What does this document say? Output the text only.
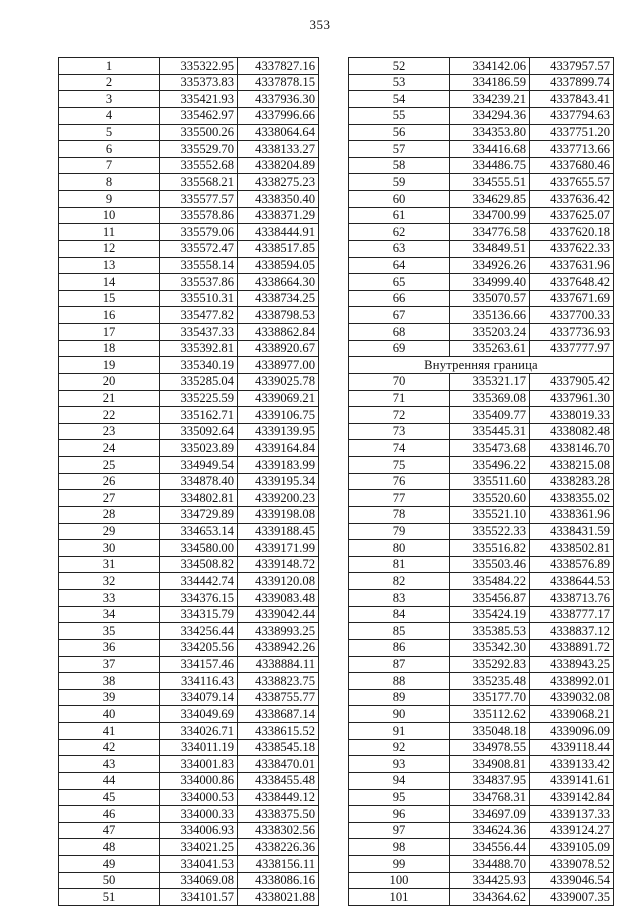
353
1	335322.95	4337827.16
2	335373.83	4337878.15
3	335421.93	4337936.30
4	335462.97	4337996.66
5	335500.26	4338064.64
6	335529.70	4338133.27
7	335552.68	4338204.89
8	335568.21	4338275.23
9	335577.57	4338350.40
10	335578.86	4338371.29
11	335579.06	4338444.91
12	335572.47	4338517.85
13	335558.14	4338594.05
14	335537.86	4338664.30
15	335510.31	4338734.25
16	335477.82	4338798.53
17	335437.33	4338862.84
18	335392.81	4338920.67
19	335340.19	4338977.00
20	335285.04	4339025.78
21	335225.59	4339069.21
22	335162.71	4339106.75
23	335092.64	4339139.95
24	335023.89	4339164.84
25	334949.54	4339183.99
26	334878.40	4339195.34
27	334802.81	4339200.23
28	334729.89	4339198.08
29	334653.14	4339188.45
30	334580.00	4339171.99
31	334508.82	4339148.72
32	334442.74	4339120.08
33	334376.15	4339083.48
34	334315.79	4339042.44
35	334256.44	4338993.25
36	334205.56	4338942.26
37	334157.46	4338884.11
38	334116.43	4338823.75
39	334079.14	4338755.77
40	334049.69	4338687.14
41	334026.71	4338615.52
42	334011.19	4338545.18
43	334001.83	4338470.01
44	334000.86	4338455.48
45	334000.53	4338449.12
46	334000.33	4338375.50
47	334006.93	4338302.56
48	334021.25	4338226.36
49	334041.53	4338156.11
50	334069.08	4338086.16
51	334101.57	4338021.88
52	334142.06	4337957.57
53	334186.59	4337899.74
54	334239.21	4337843.41
55	334294.36	4337794.63
56	334353.80	4337751.20
57	334416.68	4337713.66
58	334486.75	4337680.46
59	334555.51	4337655.57
60	334629.85	4337636.42
61	334700.99	4337625.07
62	334776.58	4337620.18
63	334849.51	4337622.33
64	334926.26	4337631.96
65	334999.40	4337648.42
66	335070.57	4337671.69
67	335136.66	4337700.33
68	335203.24	4337736.93
69	335263.61	4337777.97
Внутренняя граница		
70	335321.17	4337905.42
71	335369.08	4337961.30
72	335409.77	4338019.33
73	335445.31	4338082.48
74	335473.68	4338146.70
75	335496.22	4338215.08
76	335511.60	4338283.28
77	335520.60	4338355.02
78	335521.10	4338361.96
79	335522.33	4338431.59
80	335516.82	4338502.81
81	335503.46	4338576.89
82	335484.22	4338644.53
83	335456.87	4338713.76
84	335424.19	4338777.17
85	335385.53	4338837.12
86	335342.30	4338891.72
87	335292.83	4338943.25
88	335235.48	4338992.01
89	335177.70	4339032.08
90	335112.62	4339068.21
91	335048.18	4339096.09
92	334978.55	4339118.44
93	334908.81	4339133.42
94	334837.95	4339141.61
95	334768.31	4339142.84
96	334697.09	4339137.33
97	334624.36	4339124.27
98	334556.44	4339105.09
99	334488.70	4339078.52
100	334425.93	4339046.54
101	334364.62	4339007.35
